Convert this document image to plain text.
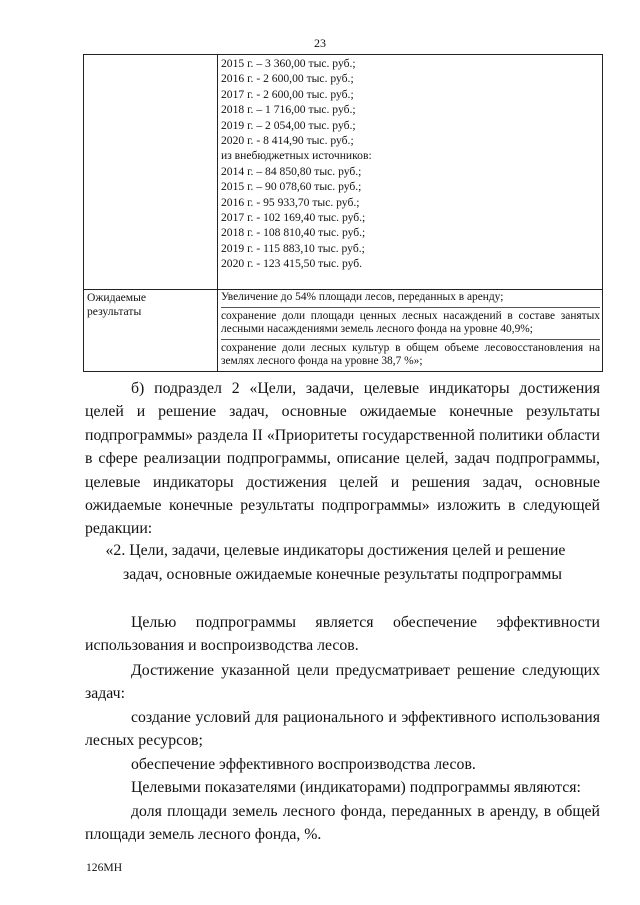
23
2015 г. – 3 360,00 тыс. руб.;
2016 г. - 2 600,00 тыс. руб.;
2017 г. - 2 600,00 тыс. руб.;
2018 г. – 1 716,00 тыс. руб.;
2019 г. – 2 054,00 тыс. руб.;
2020 г. - 8 414,90 тыс. руб.;
из внебюджетных источников:
2014 г. – 84 850,80 тыс. руб.;
2015 г. – 90 078,60 тыс. руб.;
2016 г. - 95 933,70 тыс. руб.;
2017 г. - 102 169,40 тыс. руб.;
2018 г. - 108 810,40 тыс. руб.;
2019 г. - 115 883,10 тыс. руб.;
2020 г. - 123 415,50 тыс. руб.
Ожидаемые
результаты
Увеличение до 54% площади лесов, переданных в аренду;
сохранение доли площади ценных лесных насаждений в составе занятых лесными насаждениями земель лесного фонда на уровне 40,9%;
сохранение доли лесных культур в общем объеме лесовосстановления на землях лесного фонда на уровне 38,7 %»;
б) подраздел 2 «Цели, задачи, целевые индикаторы достижения целей и решение задач, основные ожидаемые конечные результаты подпрограммы» раздела II «Приоритеты государственной политики области в сфере реализации подпрограммы, описание целей, задач подпрограммы, целевые индикаторы достижения целей и решения задач, основные ожидаемые конечные результаты подпрограммы» изложить в следующей редакции:
«2. Цели, задачи, целевые индикаторы достижения целей и решение
задач, основные ожидаемые конечные результаты подпрограммы
Целью подпрограммы является обеспечение эффективности использования и воспроизводства лесов.
Достижение указанной цели предусматривает решение следующих задач:
создание условий для рационального и эффективного использования лесных ресурсов;
обеспечение эффективного воспроизводства лесов.
Целевыми показателями (индикаторами) подпрограммы являются:
доля площади земель лесного фонда, переданных в аренду, в общей площади земель лесного фонда, %.
126МН
